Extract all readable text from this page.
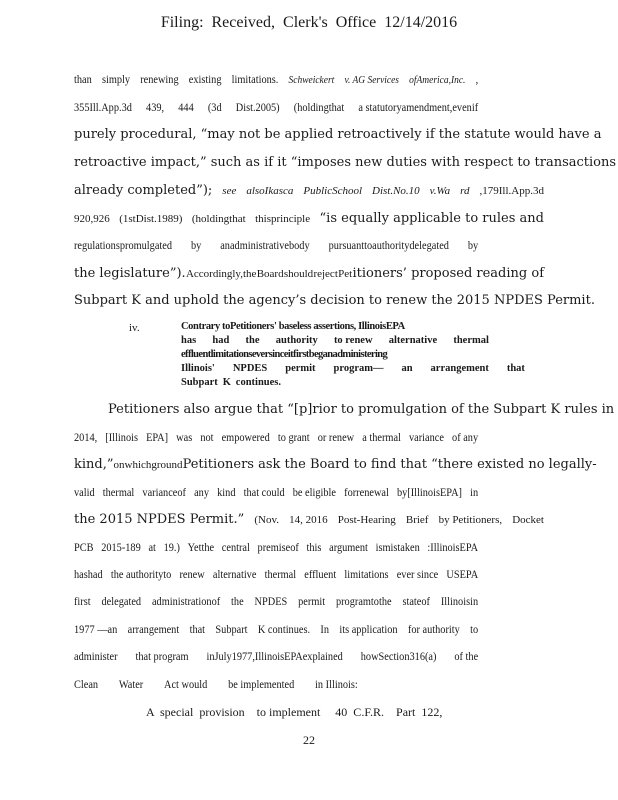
Filing: Received, Clerk's Office 12/14/2016
than simply renewing existing limitations. Schweickert v. AG Services ofAmerica,Inc. ,
355Ill.App.3d 439, 444 (3d Dist.2005) (holdingthat a statutoryamendment,evenif
purely procedural, “may not be applied retroactively if the statute would have a
retroactive impact,” such as if it “imposes new duties with respect to transactions
already completed”); see alsoIkasca PublicSchool Dist.No.10 v.Wa rd ,179Ill.App.3d
920,926 (1stDist.1989) (holdingthat thisprinciple “is equally applicable to rules and
regulationspromulgated by anadministrativebody pursuanttoauthoritydelegated by
the legislature”). Accordingly,the Board should reject Pet itioners’ proposed reading of
Subpart K and uphold the agency’s decision to renew the 2015 NPDES Permit.
iv.	Contrary toPetitioners' baseless assertions, IllinoisEPA
has had the authority to renew alternative thermal
effluentlimitationseversinceitfirstbeganadministering
Illinois' NPDES permit program— an arrangement that
Subpart K continues.
Petitioners also argue that “[p]rior to promulgation of the Subpart K rules in
2014, [Illinois EPA] was not empowered to grant or renew a thermal variance of any
kind,” onwhichground Petitioners ask the Board to find that “there existed no legally-
valid thermal varianceof any kind that could be eligible forrenewal by[IllinoisEPA] in
the 2015 NPDES Permit.” (Nov. 14, 2016 Post-Hearing Brief by Petitioners, Docket
PCB 2015-189 at 19.) Yetthe central premiseof this argument ismistaken :IllinoisEPA
hashad the authorityto renew alternative thermal effluent limitations ever since USEPA
first delegated administrationof the NPDES permit programtothe stateof Illinoisin
1977 —an arrangement that Subpart K continues. In its application for authority to
administer that program inJuly1977,IllinoisEPAexplained howSection316(a) of the
Clean Water Act would be implemented in Illinois:
A  special  provision    to implement     40  C.F.R.    Part  122,
22
